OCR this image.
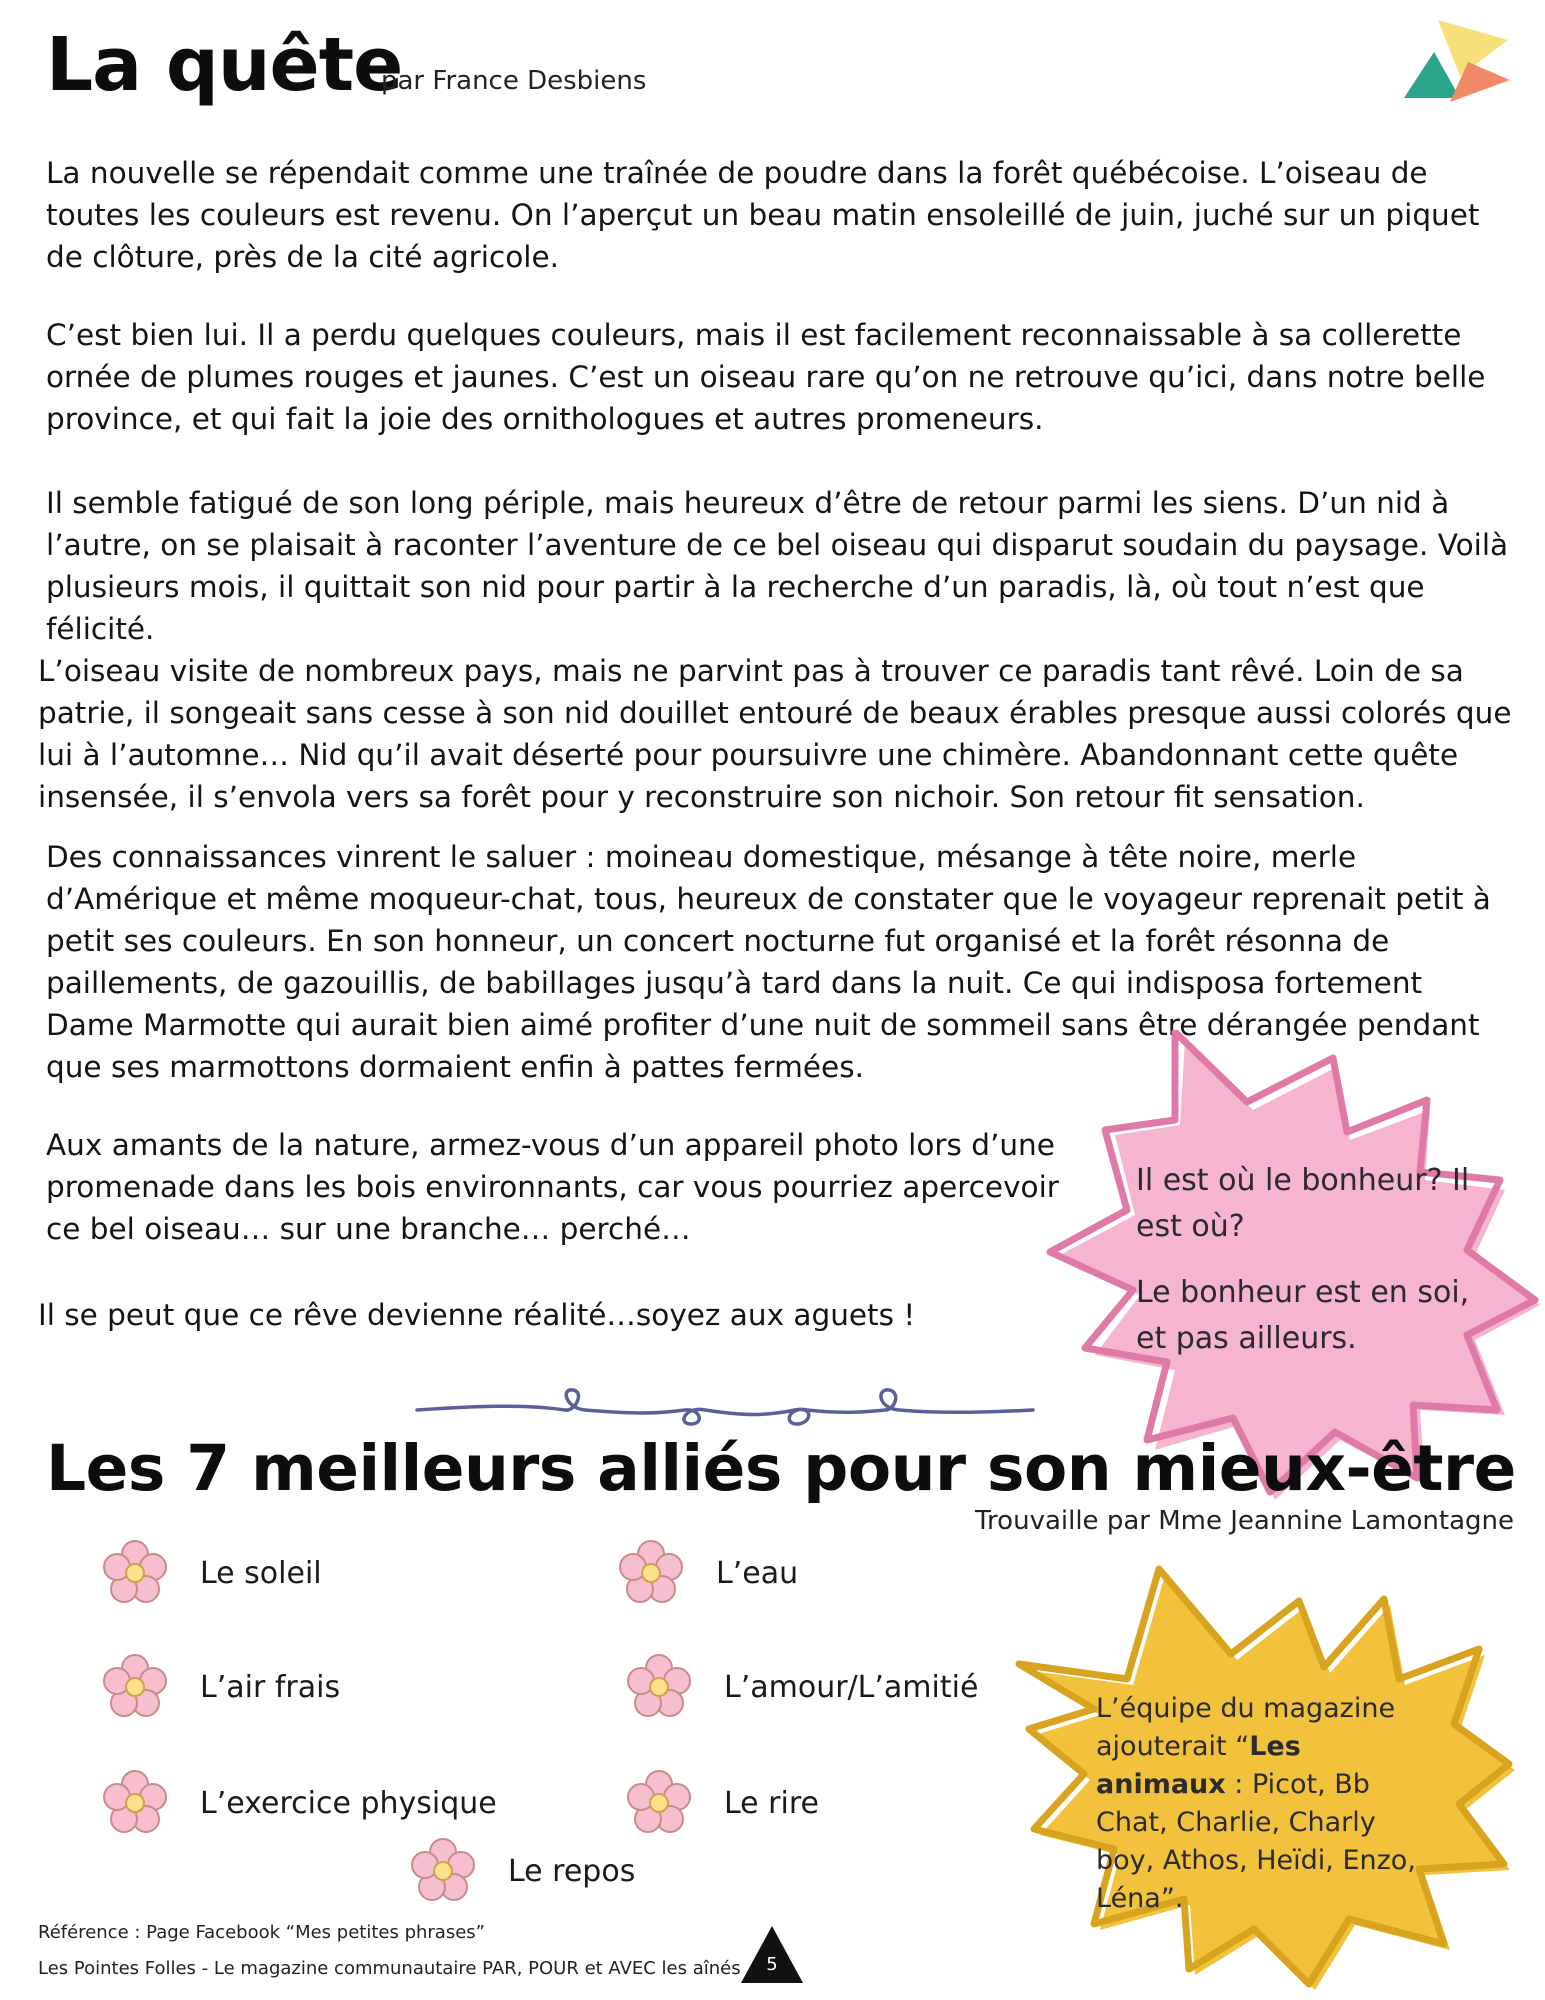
La quête
par France Desbiens
La nouvelle se répendait comme une traînée de poudre dans la forêt québécoise. L’oiseau de toutes les couleurs est revenu. On l’aperçut un beau matin ensoleillé de juin, juché sur un piquet de clôture, près de la cité agricole.
C’est bien lui. Il a perdu quelques couleurs, mais il est facilement reconnaissable à sa collerette ornée de plumes rouges et jaunes. C’est un oiseau rare qu’on ne retrouve qu’ici, dans notre belle province, et qui fait la joie des ornithologues et autres promeneurs.
Il semble fatigué de son long périple, mais heureux d’être de retour parmi les siens. D’un nid à l’autre, on se plaisait à raconter l’aventure de ce bel oiseau qui disparut soudain du paysage. Voilà plusieurs mois, il quittait son nid pour partir à la recherche d’un paradis, là, où tout n’est que félicité.
L’oiseau visite de nombreux pays, mais ne parvint pas à trouver ce paradis tant rêvé. Loin de sa patrie, il songeait sans cesse à son nid douillet entouré de beaux érables presque aussi colorés que lui à l’automne… Nid qu’il avait déserté pour poursuivre une chimère. Abandonnant cette quête insensée, il s’envola vers sa forêt pour y reconstruire son nichoir. Son retour fit sensation.
Des connaissances vinrent le saluer : moineau domestique, mésange à tête noire, merle d’Amérique et même moqueur-chat, tous, heureux de constater que le voyageur reprenait petit à petit ses couleurs. En son honneur, un concert nocturne fut organisé et la forêt résonna de paillements, de gazouillis, de babillages jusqu’à tard dans la nuit. Ce qui indisposa fortement Dame Marmotte qui aurait bien aimé profiter d’une nuit de sommeil sans être dérangée pendant que ses marmottons dormaient enfin à pattes fermées.
Aux amants de la nature, armez-vous d’un appareil photo lors d’une promenade dans les bois environnants, car vous pourriez apercevoir ce bel oiseau… sur une branche… perché…
Il se peut que ce rêve devienne réalité…soyez aux aguets !

Il est où le bonheur? Il est où?

Le bonheur est en soi, et pas ailleurs.

Les 7 meilleurs alliés pour son mieux-être
Trouvaille par Mme Jeannine Lamontagne
Le soleil	L’eau
L’air frais	L’amour/L’amitié
L’exercice physique	Le rire
Le repos
L’équipe du magazine ajouterait “Les animaux : Picot, Bb Chat, Charlie, Charly boy, Athos, Heïdi, Enzo, Léna”.
Référence : Page Facebook “Mes petites phrases”
Les Pointes Folles - Le magazine communautaire PAR, POUR et AVEC les aînés	5
